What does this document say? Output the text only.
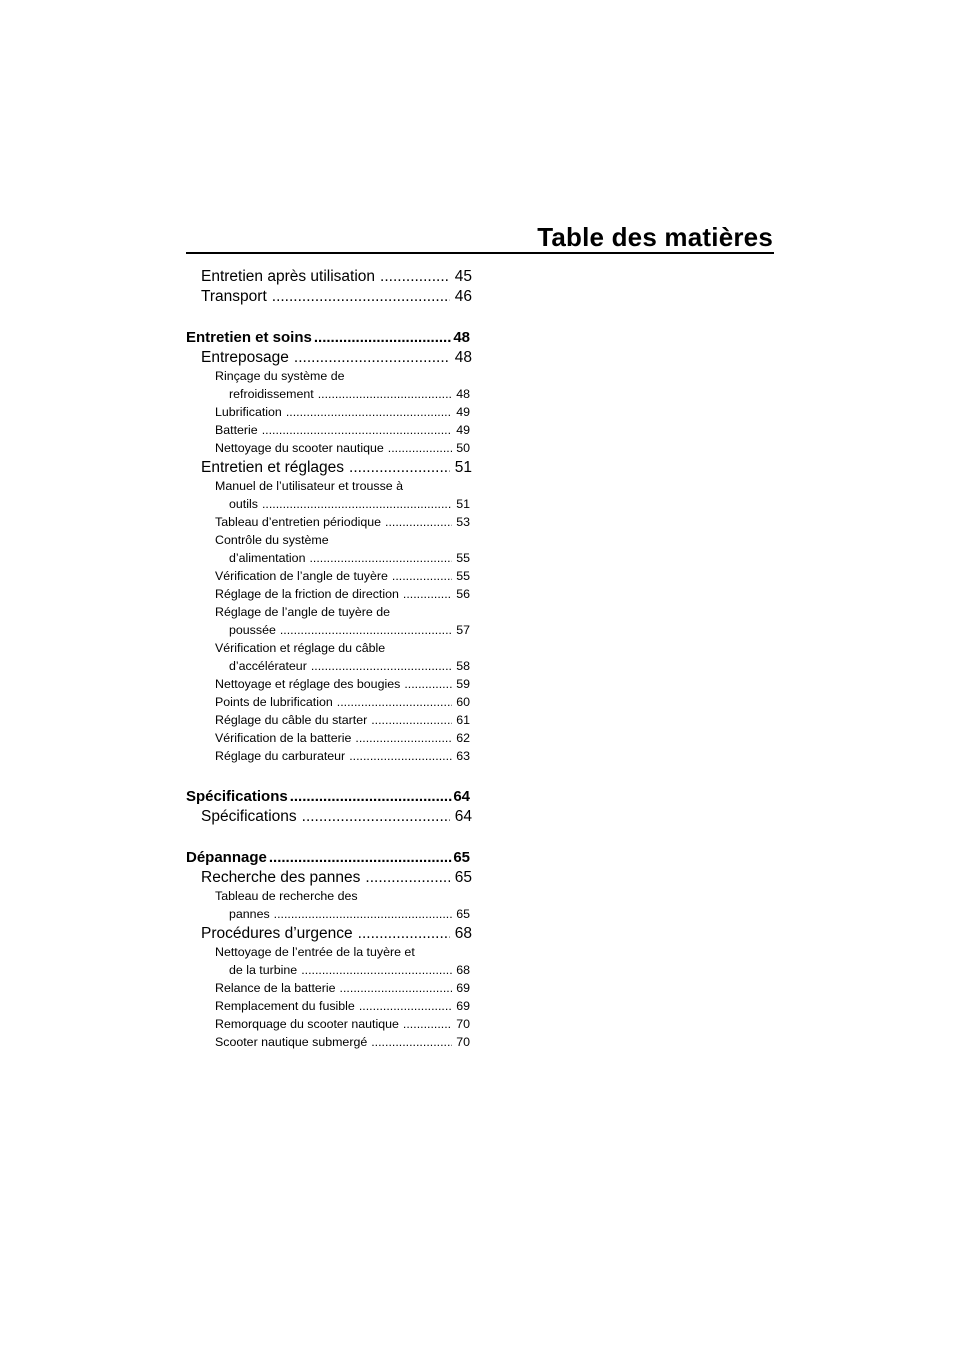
Table des matières
Entretien après utilisation .....	45
Transport .....	46
Entretien et soins .....	48
Entreposage .....	48
Rinçage du système de
refroidissement .....	48
Lubrification .....	49
Batterie .....	49
Nettoyage du scooter nautique .....	50
Entretien et réglages .....	51
Manuel de l’utilisateur et trousse à
outils .....	51
Tableau d’entretien périodique .....	53
Contrôle du système
d’alimentation .....	55
Vérification de l’angle de tuyère .....	55
Réglage de la friction de direction .....	56
Réglage de l’angle de tuyère de
poussée .....	57
Vérification et réglage du câble
d’accélérateur .....	58
Nettoyage et réglage des bougies .....	59
Points de lubrification .....	60
Réglage du câble du starter .....	61
Vérification de la batterie .....	62
Réglage du carburateur .....	63
Spécifications .....	64
Spécifications .....	64
Dépannage .....	65
Recherche des pannes .....	65
Tableau de recherche des
pannes .....	65
Procédures d’urgence .....	68
Nettoyage de l’entrée de la tuyère et
de la turbine .....	68
Relance de la batterie .....	69
Remplacement du fusible .....	69
Remorquage du scooter nautique .....	70
Scooter nautique submergé .....	70
